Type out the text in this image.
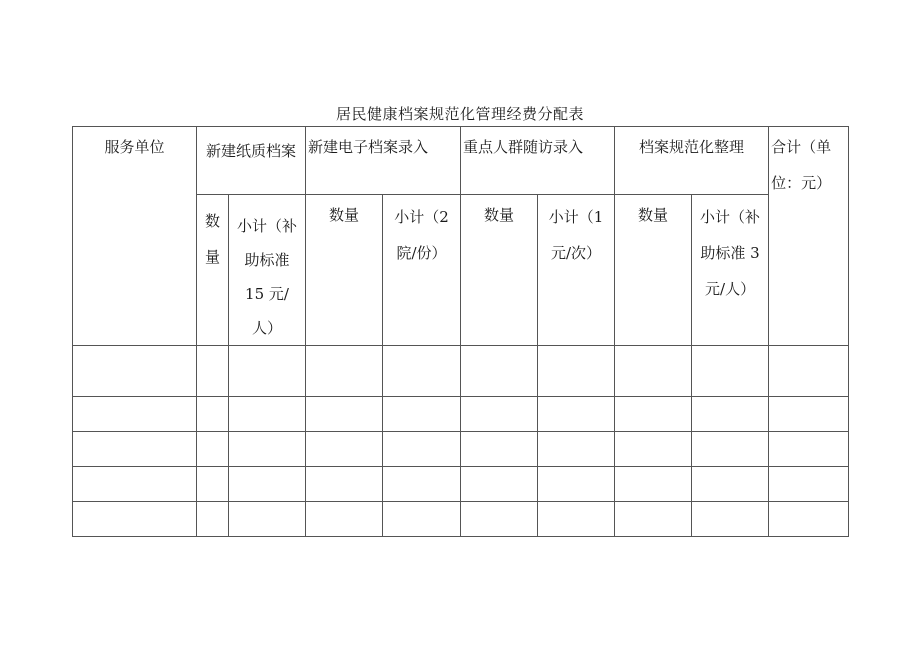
居民健康档案规范化管理经费分配表
服务单位	新建纸质档案		新建电子档案录入		重点人群随访录入		档案规范化整理		合计（单位：元）

	数量	小计（补助标准 15 元/人）	数量	小计（2 院/份）	数量	小计（1 元/次）	数量	小计（补助标准 3 元/人）	
